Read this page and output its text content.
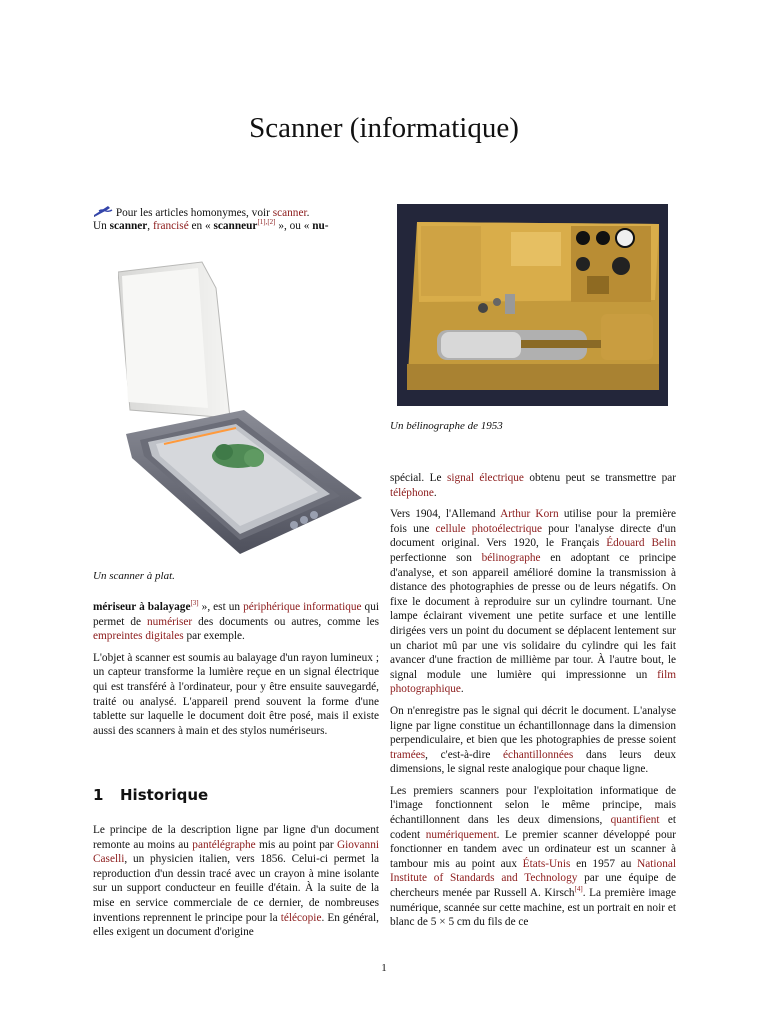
Scanner (informatique)
Pour les articles homonymes, voir scanner.
Un scanner, francisé en « scanneur[1],[2] », ou « nu-
Un scanner à plat.

mériseur à balayage[3] », est un périphérique informatique qui permet de numériser des documents ou autres, comme les empreintes digitales par exemple.

L'objet à scanner est soumis au balayage d'un rayon lumineux ; un capteur transforme la lumière reçue en un signal électrique qui est transféré à l'ordinateur, pour y être ensuite sauvegardé, traité ou analysé. L'appareil prend souvent la forme d'une tablette sur laquelle le document doit être posé, mais il existe aussi des scanners à main et des stylos numériseurs.

1 Historique

Le principe de la description ligne par ligne d'un document remonte au moins au pantélégraphe mis au point par Giovanni Caselli, un physicien italien, vers 1856. Celui-ci permet la reproduction d'un dessin tracé avec un crayon à mine isolante sur un support conducteur en feuille d'étain. À la suite de la mise en service commerciale de ce dernier, de nombreuses inventions reprennent le principe pour la télécopie. En général, elles exigent un document d'origine

Un bélinographe de 1953

spécial. Le signal électrique obtenu peut se transmettre par téléphone.

Vers 1904, l'Allemand Arthur Korn utilise pour la première fois une cellule photoélectrique pour l'analyse directe d'un document original. Vers 1920, le Français Édouard Belin perfectionne son bélinographe en adoptant ce principe d'analyse, et son appareil amélioré domine la transmission à distance des photographies de presse ou de leurs négatifs. On fixe le document à reproduire sur un cylindre tournant. Une lampe éclairant vivement une petite surface et une lentille dirigées vers un point du document se déplacent lentement sur un chariot mû par une vis solidaire du cylindre qui les fait avancer d'une fraction de millième par tour. À l'autre bout, le signal module une lumière qui impressionne un film photographique.

On n'enregistre pas le signal qui décrit le document. L'analyse ligne par ligne constitue un échantillonnage dans la dimension perpendiculaire, et bien que les photographies de presse soient tramées, c'est-à-dire échantillonnées dans leurs deux dimensions, le signal reste analogique pour chaque ligne.

Les premiers scanners pour l'exploitation informatique de l'image fonctionnent selon le même principe, mais échantillonnent dans les deux dimensions, quantifient et codent numériquement. Le premier scanner développé pour fonctionner en tandem avec un ordinateur est un scanner à tambour mis au point aux États-Unis en 1957 au National Institute of Standards and Technology par une équipe de chercheurs menée par Russell A. Kirsch[4]. La première image numérique, scannée sur cette machine, est un portrait en noir et blanc de 5 × 5 cm du fils de ce

1
